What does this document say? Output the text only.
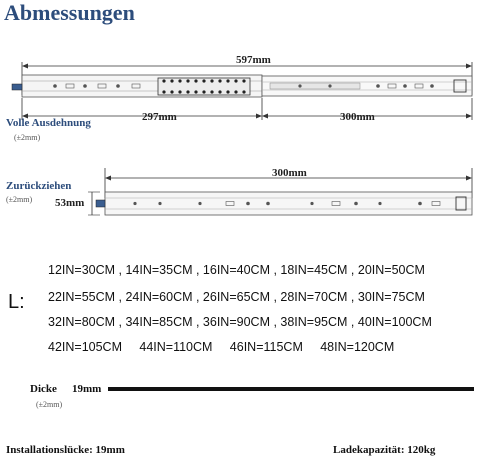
Abmessungen
597mm
Volle Ausdehnung
(±2mm)
297mm	300mm
300mm
Zurückziehen
(±2mm) 53mm
L:
12IN=30CM , 14IN=35CM , 16IN=40CM , 18IN=45CM , 20IN=50CM
22IN=55CM , 24IN=60CM , 26IN=65CM , 28IN=70CM , 30IN=75CM
32IN=80CM , 34IN=85CM , 36IN=90CM , 38IN=95CM , 40IN=100CM
42IN=105CM     44IN=110CM     46IN=115CM     48IN=120CM
Dicke 19mm
(±2mm)
Installationslücke: 19mm	Ladekapazität: 120kg
